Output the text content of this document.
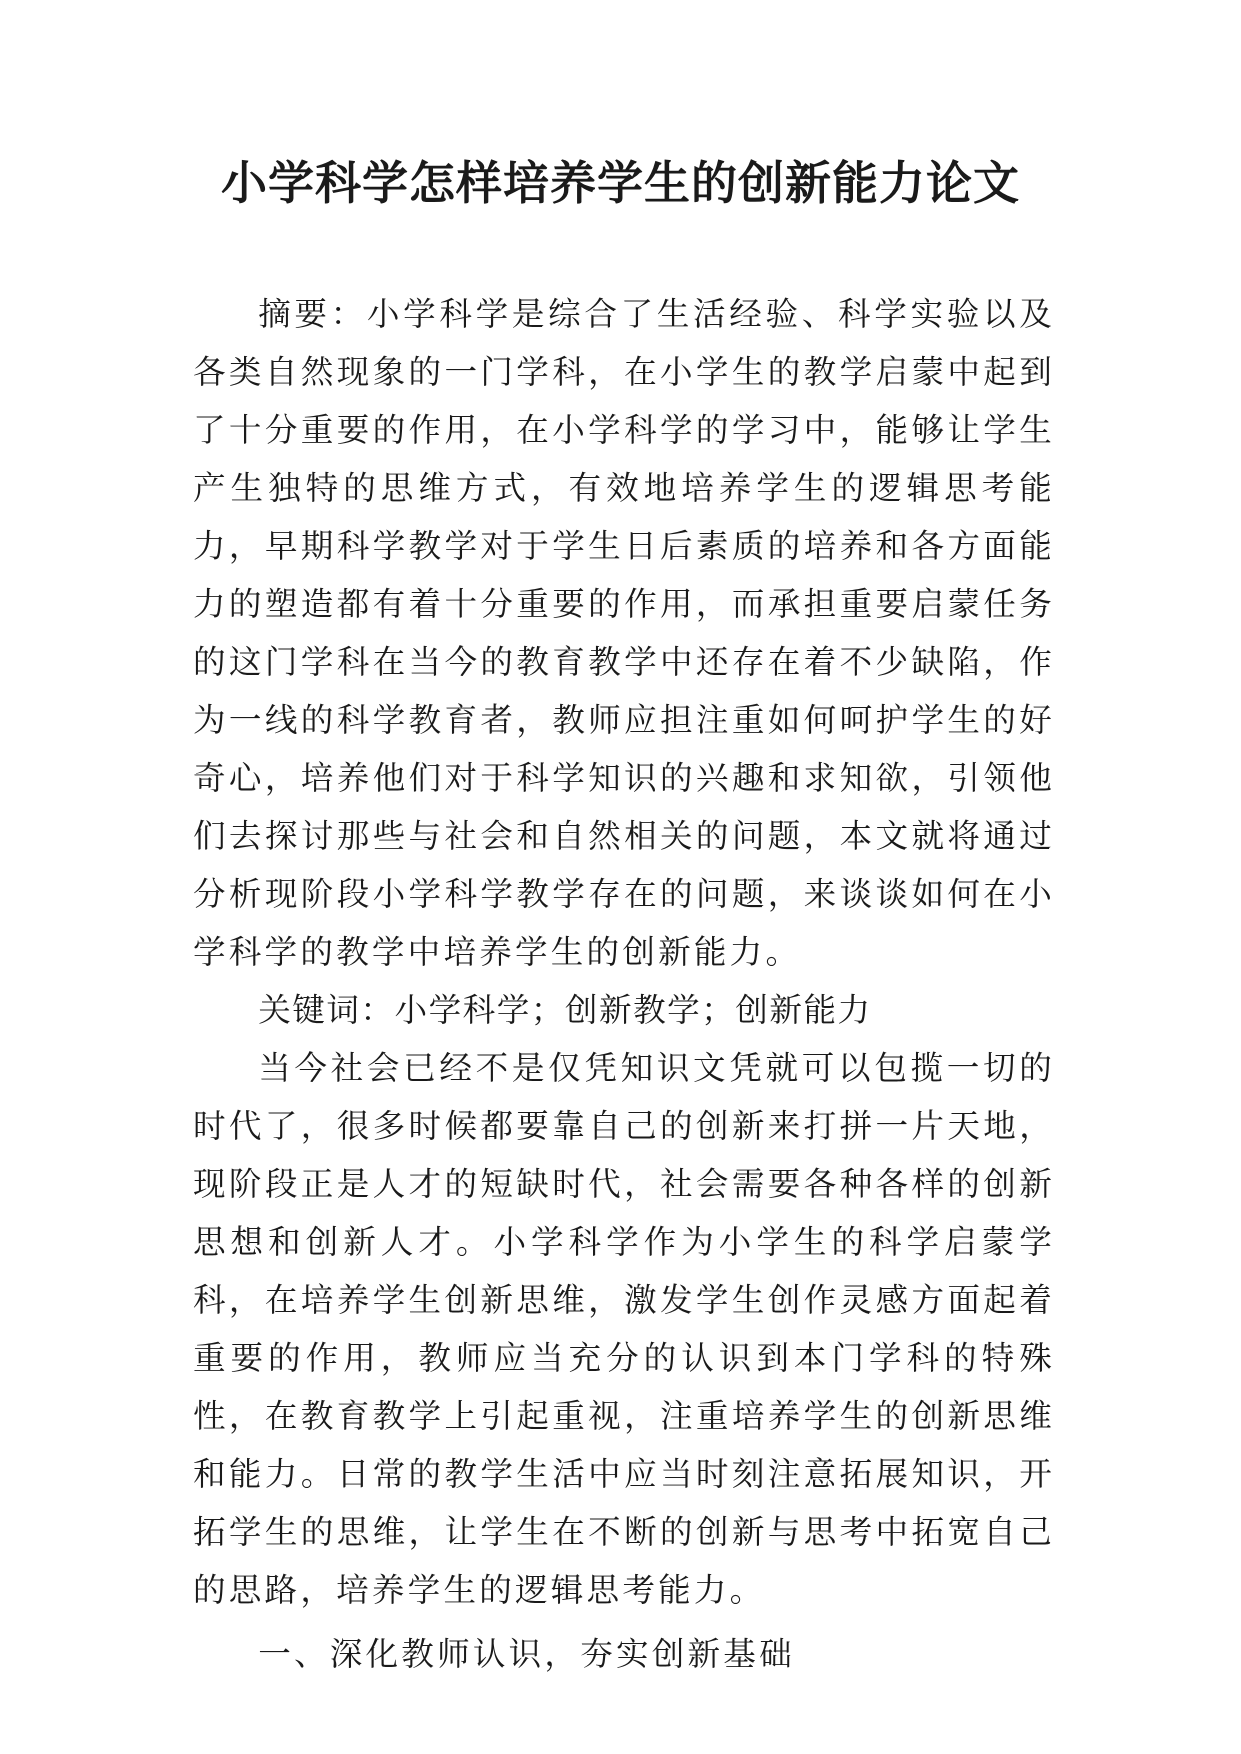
小学科学怎样培养学生的创新能力论文

摘要：小学科学是综合了生活经验、科学实验以及各类自然现象的一门学科，在小学生的教学启蒙中起到了十分重要的作用，在小学科学的学习中，能够让学生产生独特的思维方式，有效地培养学生的逻辑思考能力，早期科学教学对于学生日后素质的培养和各方面能力的塑造都有着十分重要的作用，而承担重要启蒙任务的这门学科在当今的教育教学中还存在着不少缺陷，作为一线的科学教育者，教师应担注重如何呵护学生的好奇心，培养他们对于科学知识的兴趣和求知欲，引领他们去探讨那些与社会和自然相关的问题，本文就将通过分析现阶段小学科学教学存在的问题，来谈谈如何在小学科学的教学中培养学生的创新能力。

关键词：小学科学；创新教学；创新能力

当今社会已经不是仅凭知识文凭就可以包揽一切的时代了，很多时候都要靠自己的创新来打拼一片天地，现阶段正是人才的短缺时代，社会需要各种各样的创新思想和创新人才。小学科学作为小学生的科学启蒙学科，在培养学生创新思维，激发学生创作灵感方面起着重要的作用，教师应当充分的认识到本门学科的特殊性，在教育教学上引起重视，注重培养学生的创新思维和能力。日常的教学生活中应当时刻注意拓展知识，开拓学生的思维，让学生在不断的创新与思考中拓宽自己的思路，培养学生的逻辑思考能力。

一、深化教师认识，夯实创新基础
